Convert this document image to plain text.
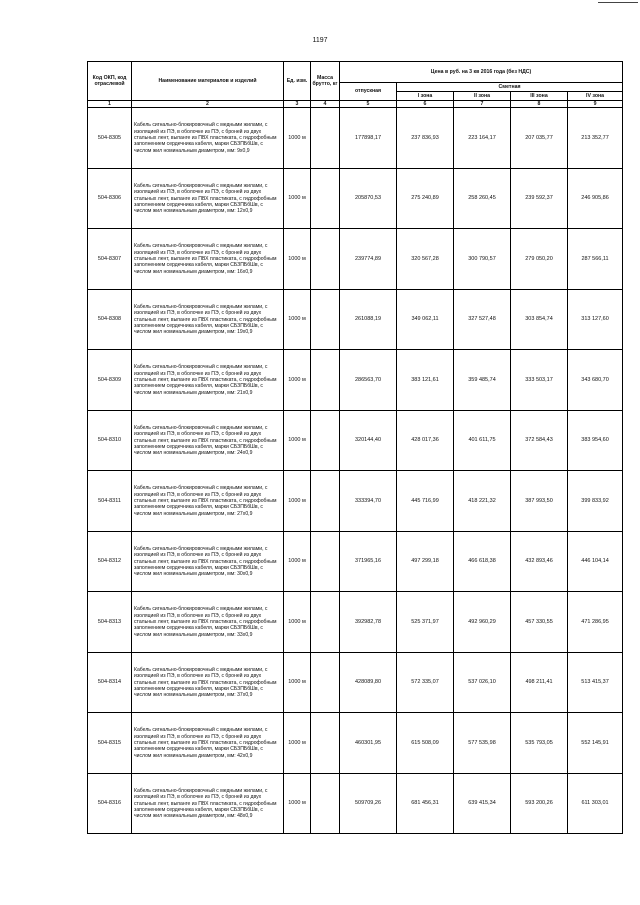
1197
Код ОКП, код отраслевой	Наименование материалов и изделий	Ед. изм.	Масса брутто, кг	Цена в руб. на 3 кв 2016 года (без НДС)				
				отпускная	Сметная			
					I зона	II зона	III зона	IV зона
1	2	3	4	5	6	7	8	9
504-8305	Кабель сигнально-блокировочный с медными жилами, с изоляцией из ПЭ, в оболочке из ПЭ, с броней из двух стальных лент, выпанге из ПВХ пластиката, с гидрофобным заполнением сердечника кабеля, марки СБЗПБбШв, с числом жил номинальным диаметром, мм: 9х0,9	1000 м		177898,17	237 836,93	223 164,17	207 035,77	213 352,77
504-8306	Кабель сигнально-блокировочный с медными жилами, с изоляцией из ПЭ, в оболочке из ПЭ, с броней из двух стальных лент, выпанге из ПВХ пластиката, с гидрофобным заполнением сердечника кабеля, марки СБЗПБбШв, с числом жил номинальным диаметром, мм: 12х0,9	1000 м		205870,53	275 240,89	258 260,45	239 592,37	246 905,86
504-8307	Кабель сигнально-блокировочный с медными жилами, с изоляцией из ПЭ, в оболочке из ПЭ, с броней из двух стальных лент, выпанге из ПВХ пластиката, с гидрофобным заполнением сердечника кабеля, марки СБЗПБбШв, с числом жил номинальным диаметром, мм: 16х0,9	1000 м		239774,89	320 567,28	300 790,57	279 050,20	287 566,11
504-8308	Кабель сигнально-блокировочный с медными жилами, с изоляцией из ПЭ, в оболочке из ПЭ, с броней из двух стальных лент, выпанге из ПВХ пластиката, с гидрофобным заполнением сердечника кабеля, марки СБЗПБбШв, с числом жил номинальным диаметром, мм: 19х0,9	1000 м		261088,19	349 062,11	327 527,48	303 854,74	313 127,60
504-8309	Кабель сигнально-блокировочный с медными жилами, с изоляцией из ПЭ, в оболочке из ПЭ, с броней из двух стальных лент, выпанге из ПВХ пластиката, с гидрофобным заполнением сердечника кабеля, марки СБЗПБбШв, с числом жил номинальным диаметром, мм: 21х0,9	1000 м		286563,70	383 121,61	359 485,74	333 503,17	343 680,70
504-8310	Кабель сигнально-блокировочный с медными жилами, с изоляцией из ПЭ, в оболочке из ПЭ, с броней из двух стальных лент, выпанге из ПВХ пластиката, с гидрофобным заполнением сердечника кабеля, марки СБЗПБбШв, с числом жил номинальным диаметром, мм: 24х0,9	1000 м		320144,40	428 017,36	401 611,75	372 584,43	383 954,60
504-8311	Кабель сигнально-блокировочный с медными жилами, с изоляцией из ПЭ, в оболочке из ПЭ, с броней из двух стальных лент, выпанге из ПВХ пластиката, с гидрофобным заполнением сердечника кабеля, марки СБЗПБбШв, с числом жил номинальным диаметром, мм: 27х0,9	1000 м		333394,70	445 716,99	418 221,32	387 993,50	399 833,92
504-8312	Кабель сигнально-блокировочный с медными жилами, с изоляцией из ПЭ, в оболочке из ПЭ, с броней из двух стальных лент, выпанге из ПВХ пластиката, с гидрофобным заполнением сердечника кабеля, марки СБЗПБбШв, с числом жил номинальным диаметром, мм: 30х0,9	1000 м		371965,16	497 299,18	466 618,38	432 893,46	446 104,14
504-8313	Кабель сигнально-блокировочный с медными жилами, с изоляцией из ПЭ, в оболочке из ПЭ, с броней из двух стальных лент, выпанге из ПВХ пластиката, с гидрофобным заполнением сердечника кабеля, марки СБЗПБбШв, с числом жил номинальным диаметром, мм: 33х0,9	1000 м		392982,78	525 371,97	492 960,29	457 330,55	471 286,95
504-8314	Кабель сигнально-блокировочный с медными жилами, с изоляцией из ПЭ, в оболочке из ПЭ, с броней из двух стальных лент, выпанге из ПВХ пластиката, с гидрофобным заполнением сердечника кабеля, марки СБЗПБбШв, с числом жил номинальным диаметром, мм: 37х0,9	1000 м		428089,80	572 335,07	537 026,10	498 211,41	513 415,37
504-8315	Кабель сигнально-блокировочный с медными жилами, с изоляцией из ПЭ, в оболочке из ПЭ, с броней из двух стальных лент, выпанге из ПВХ пластиката, с гидрофобным заполнением сердечника кабеля, марки СБЗПБбШв, с числом жил номинальным диаметром, мм: 42х0,9	1000 м		460301,95	615 508,09	577 535,98	535 793,05	552 145,91
504-8316	Кабель сигнально-блокировочный с медными жилами, с изоляцией из ПЭ, в оболочке из ПЭ, с броней из двух стальных лент, выпанге из ПВХ пластиката, с гидрофобным заполнением сердечника кабеля, марки СБЗПБбШв, с числом жил номинальным диаметром, мм: 48х0,9	1000 м		509709,26	681 456,31	639 415,34	593 200,26	611 303,01
